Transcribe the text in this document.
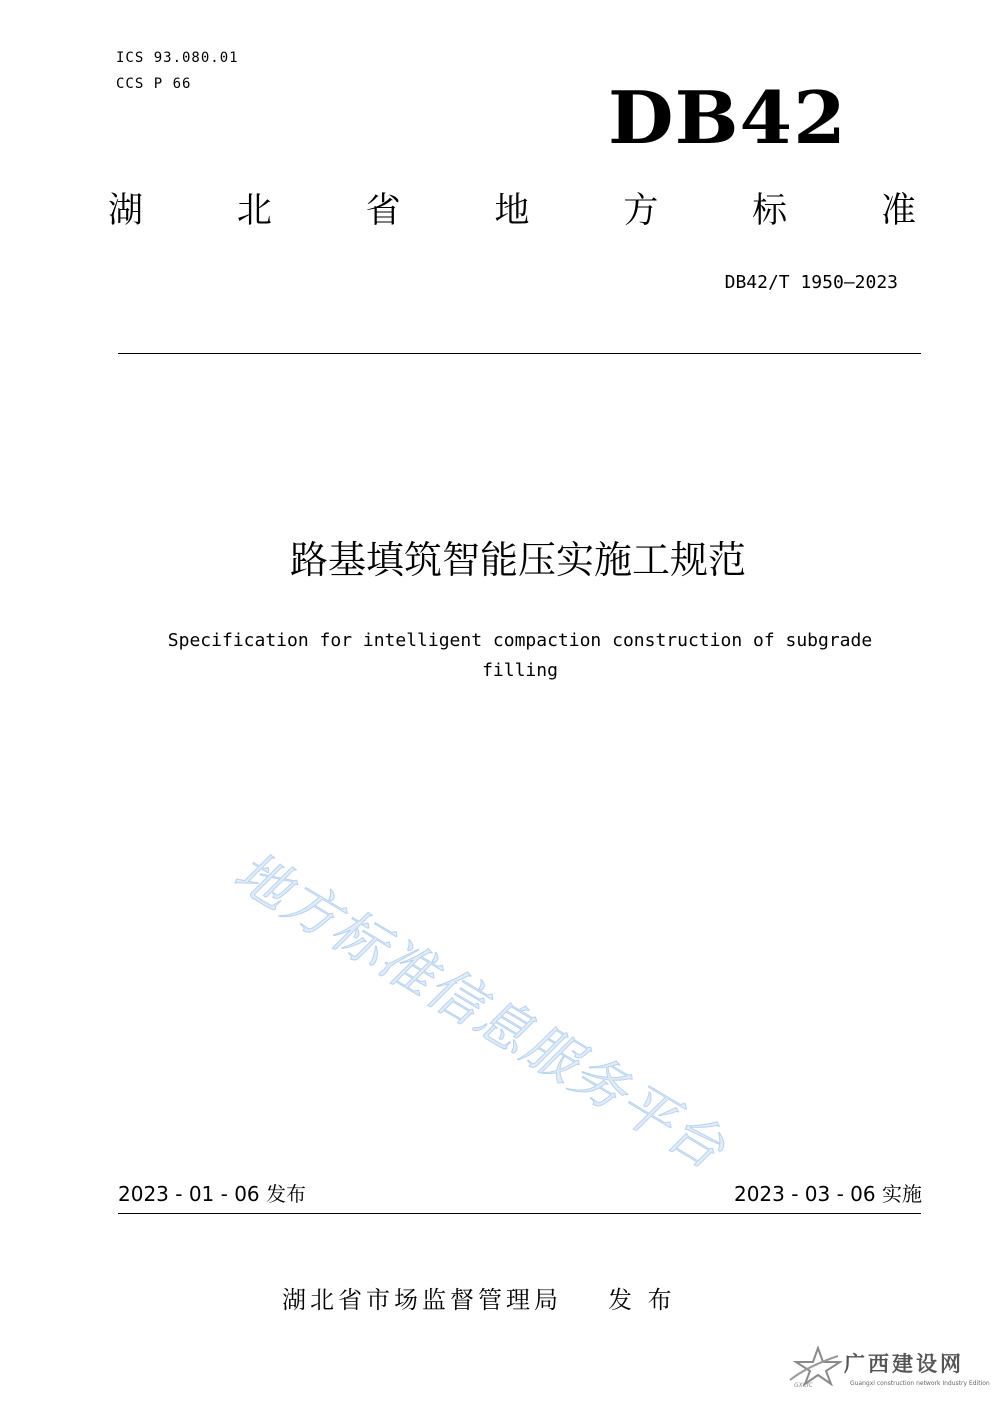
ICS 93.080.01
CCS P 66	DB42
湖	北	省	地	方	标	准
DB42/T 1950—2023
路基填筑智能压实施工规范
Specification for intelligent compaction construction of subgrade filling
地方标准信息服务平台
2023 - 01 - 06 发布	2023 - 03 - 06 实施
湖北省市场监督管理局 发 布
广西建设网
Guangxi construction network Industry Edition
GXCIC
